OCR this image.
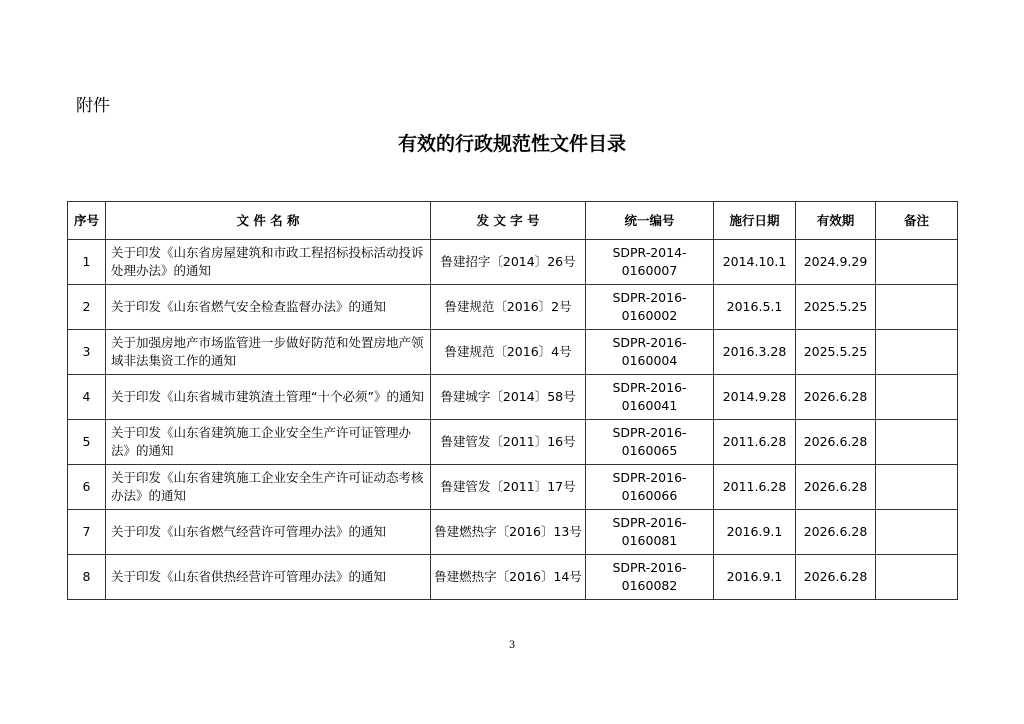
附件
有效的行政规范性文件目录
序号	文 件 名 称	发 文 字 号	统一编号	施行日期	有效期	备注
1	关于印发《山东省房屋建筑和市政工程招标投标活动投诉处理办法》的通知	鲁建招字〔2014〕26号	SDPR-2014-0160007	2014.10.1	2024.9.29	
2	关于印发《山东省燃气安全检查监督办法》的通知	鲁建规范〔2016〕2号	SDPR-2016-0160002	2016.5.1	2025.5.25	
3	关于加强房地产市场监管进一步做好防范和处置房地产领域非法集资工作的通知	鲁建规范〔2016〕4号	SDPR-2016-0160004	2016.3.28	2025.5.25	
4	关于印发《山东省城市建筑渣土管理“十个必须”》的通知	鲁建城字〔2014〕58号	SDPR-2016-0160041	2014.9.28	2026.6.28	
5	关于印发《山东省建筑施工企业安全生产许可证管理办法》的通知	鲁建管发〔2011〕16号	SDPR-2016-0160065	2011.6.28	2026.6.28	
6	关于印发《山东省建筑施工企业安全生产许可证动态考核办法》的通知	鲁建管发〔2011〕17号	SDPR-2016-0160066	2011.6.28	2026.6.28	
7	关于印发《山东省燃气经营许可管理办法》的通知	鲁建燃热字〔2016〕13号	SDPR-2016-0160081	2016.9.1	2026.6.28	
8	关于印发《山东省供热经营许可管理办法》的通知	鲁建燃热字〔2016〕14号	SDPR-2016-0160082	2016.9.1	2026.6.28	
3
